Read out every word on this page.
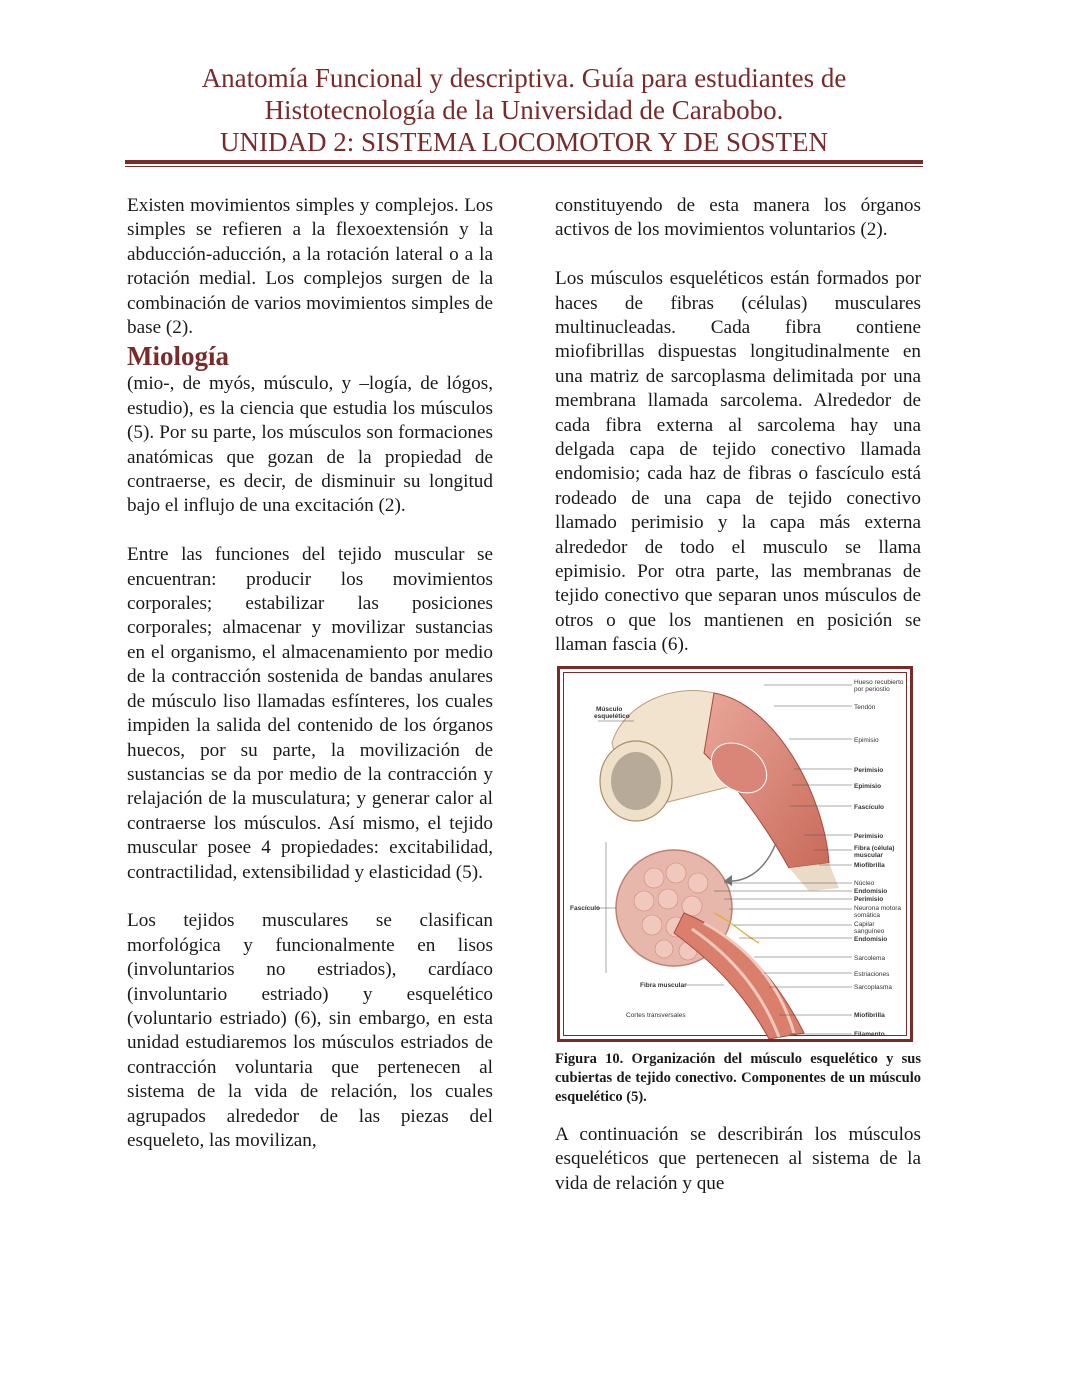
Anatomía Funcional y descriptiva. Guía para estudiantes de
Histotecnología de la Universidad de Carabobo.
UNIDAD 2: SISTEMA LOCOMOTOR Y DE SOSTEN

Existen movimientos simples y complejos. Los simples se refieren a la flexoextensión y la abducción-aducción, a la rotación lateral o a la rotación medial. Los complejos surgen de la combinación de varios movimientos simples de base (2).

Miología

(mio-, de myós, músculo, y –logía, de lógos, estudio), es la ciencia que estudia los músculos (5). Por su parte, los músculos son formaciones anatómicas que gozan de la propiedad de contraerse, es decir, de disminuir su longitud bajo el influjo de una excitación (2).

Entre las funciones del tejido muscular se encuentran: producir los movimientos corporales; estabilizar las posiciones corporales; almacenar y movilizar sustancias en el organismo, el almacenamiento por medio de la contracción sostenida de bandas anulares de músculo liso llamadas esfínteres, los cuales impiden la salida del contenido de los órganos huecos, por su parte, la movilización de sustancias se da por medio de la contracción y relajación de la musculatura; y generar calor al contraerse los músculos. Así mismo, el tejido muscular posee 4 propiedades: excitabilidad, contractilidad, extensibilidad y elasticidad (5).

Los tejidos musculares se clasifican morfológica y funcionalmente en lisos (involuntarios no estriados), cardíaco (involuntario estriado) y esquelético (voluntario estriado) (6), sin embargo, en esta unidad estudiaremos los músculos estriados de contracción voluntaria que pertenecen al sistema de la vida de relación, los cuales agrupados alrededor de las piezas del esqueleto, las movilizan,

constituyendo de esta manera los órganos activos de los movimientos voluntarios (2).

Los músculos esqueléticos están formados por haces de fibras (células) musculares multinucleadas. Cada fibra contiene miofibrillas dispuestas longitudinalmente en una matriz de sarcoplasma delimitada por una membrana llamada sarcolema. Alrededor de cada fibra externa al sarcolema hay una delgada capa de tejido conectivo llamada endomisio; cada haz de fibras o fascículo está rodeado de una capa de tejido conectivo llamado perimisio y la capa más externa alrededor de todo el musculo se llama epimisio. Por otra parte, las membranas de tejido conectivo que separan unos músculos de otros o que los mantienen en posición se llaman fascia (6).

Hueso recubierto
por periostio
Tendón
Epimisio
Perimisio
Epimisio
Fascículo
Perimisio
Fibra (célula)
muscular
Miofibrilla
Núcleo
Endomisio
Perimisio
Neurona motora
somática
Capilar
sanguíneo
Endomisio
Sarcolema
Estriaciones
Sarcoplasma
Miofibrilla
Filamento
Músculo
esquelético
Fascículo
Fibra muscular
Cortes transversales
Figura 10. Organización del músculo esquelético y sus cubiertas de tejido conectivo. Componentes de un músculo esquelético (5).

A continuación se describirán los músculos esqueléticos que pertenecen al sistema de la vida de relación y que
